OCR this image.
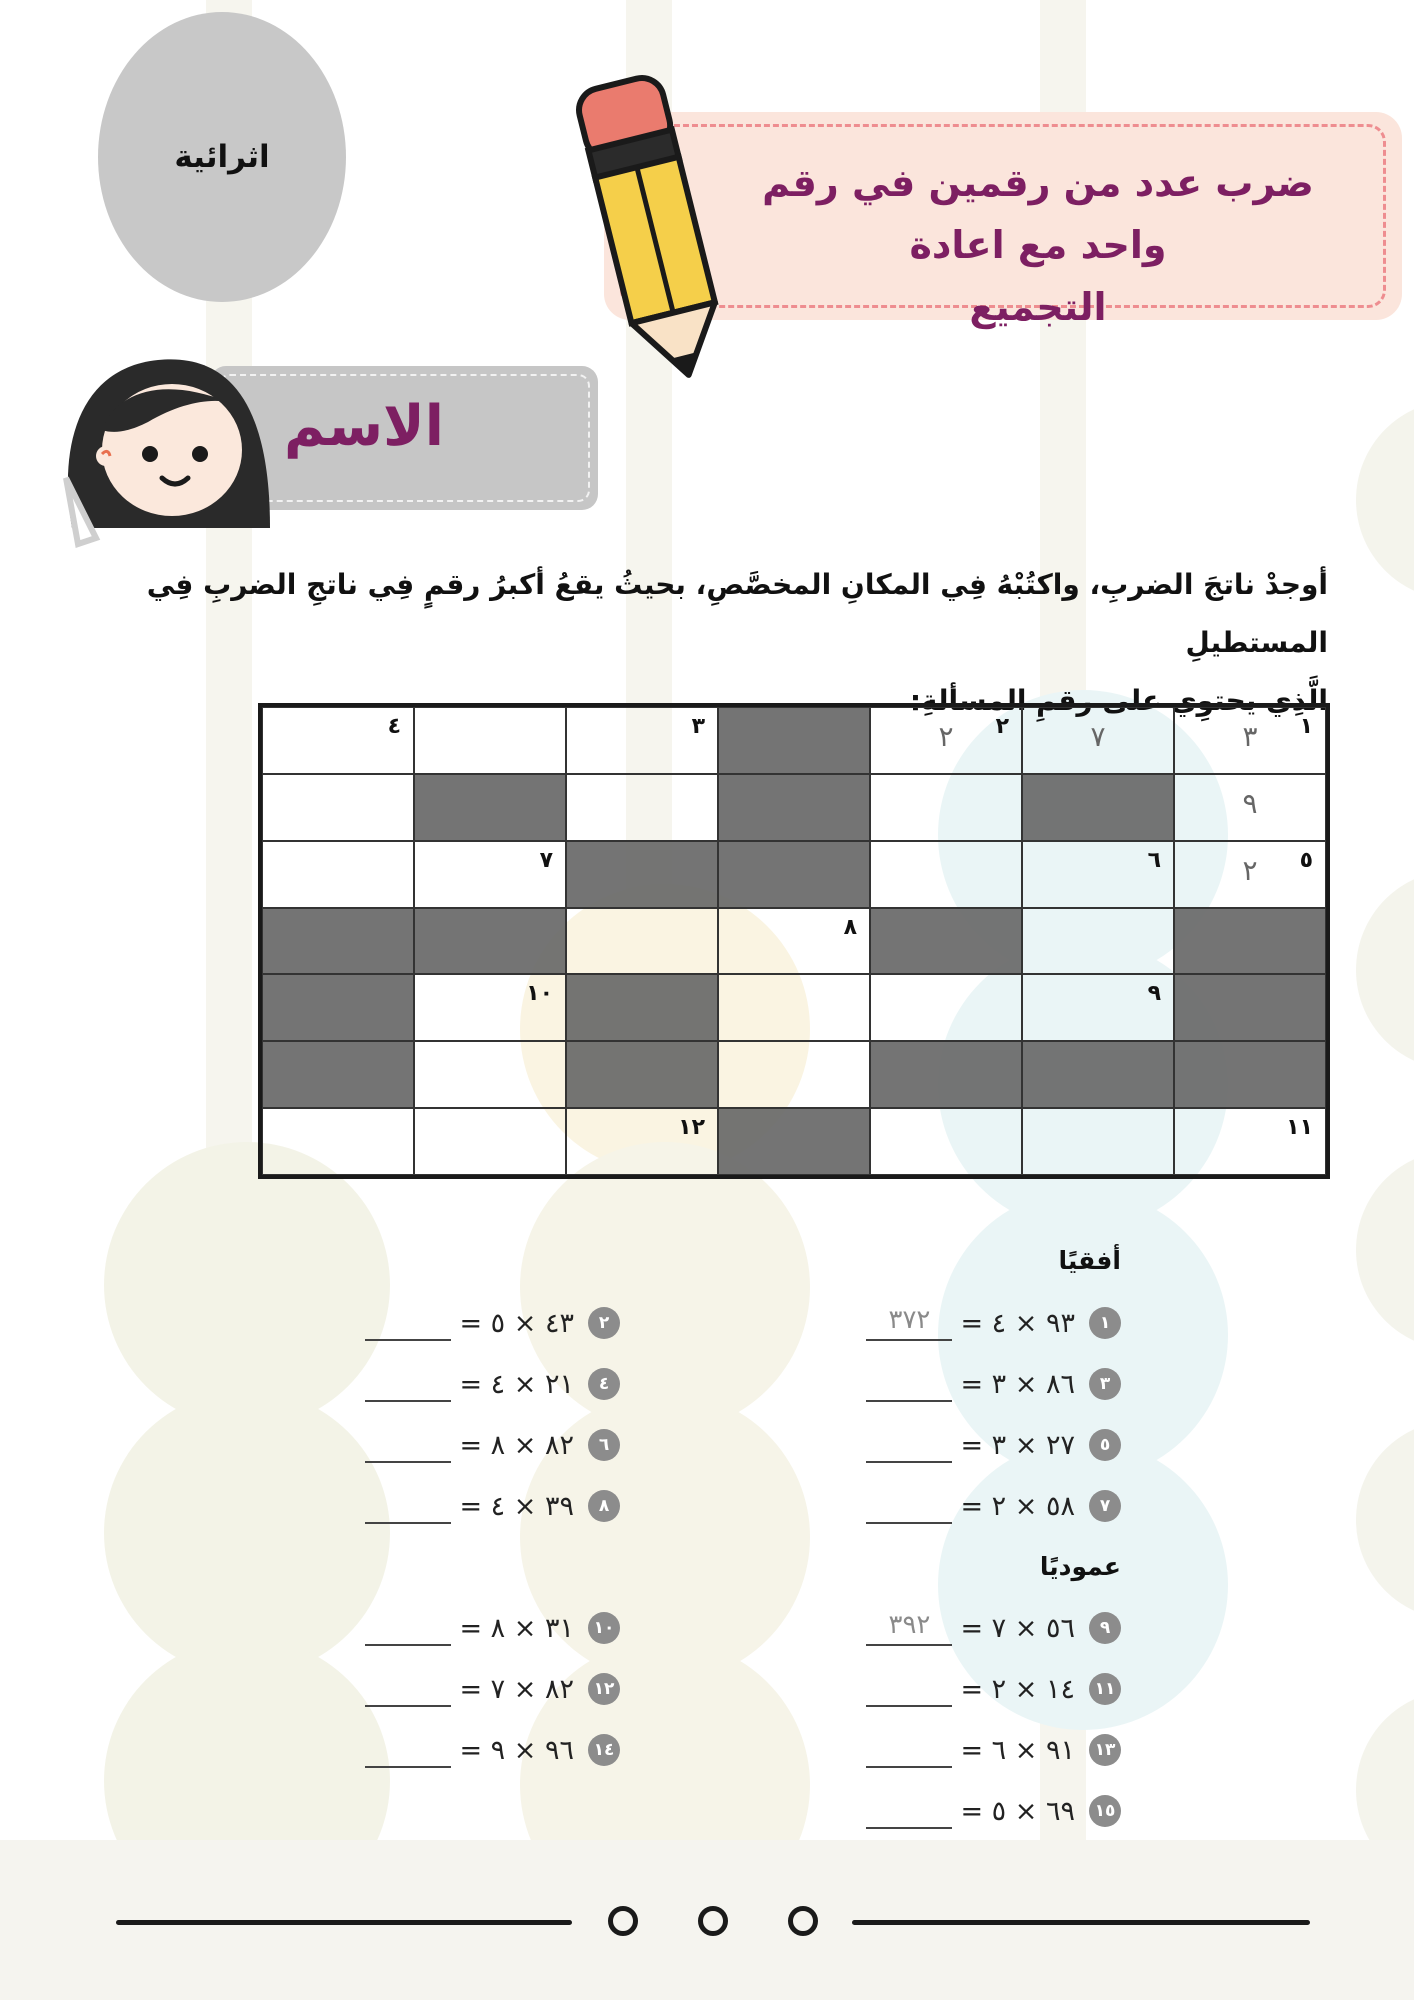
اثرائية
ضرب عدد من رقمين في رقم واحد مع اعادة
التجميع
الاسم
أوجدْ ناتجَ الضربِ، واكتُبْهُ فِي المكانِ المخصَّصِ، بحيثُ يقعُ أكبرُ رقمٍ فِي ناتجِ الضربِ فِي المستطيلِ
الَّذِي يحتوِي على رقمِ المسألةِ:
١
٣
٧
٢
٢
٣
٤
٩
٥
٢
٦
٧
٨
٩
١٠
١١
١٢
أفقيًا
عموديًا
١
٩٣ × ٤ =
٣٧٢
٣
٨٦ × ٣ =
٥
٢٧ × ٣ =
٧
٥٨ × ٢ =
٢
٤٣ × ٥ =
٤
٢١ × ٤ =
٦
٨٢ × ٨ =
٨
٣٩ × ٤ =
٩
٥٦ × ٧ =
٣٩٢
١١
١٤ × ٢ =
١٣
٩١ × ٦ =
١٥
٦٩ × ٥ =
١٠
٣١ × ٨ =
١٢
٨٢ × ٧ =
١٤
٩٦ × ٩ =
